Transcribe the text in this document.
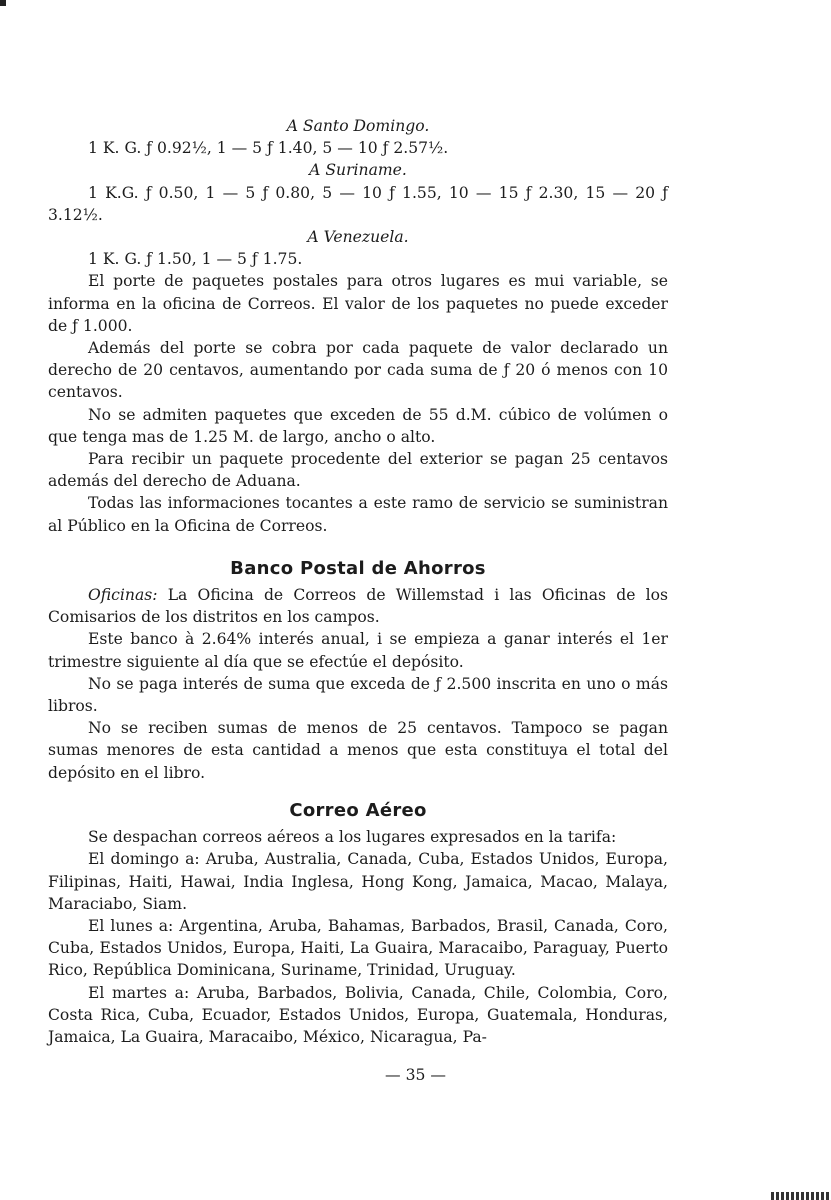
A Santo Domingo.

1 K. G. ƒ 0.92½, 1 — 5 ƒ 1.40, 5 — 10 ƒ 2.57½.

A Suriname.

1 K.G. ƒ 0.50, 1 — 5 ƒ 0.80, 5 — 10 ƒ 1.55, 10 — 15 ƒ 2.30, 15 — 20 ƒ 3.12½.

A Venezuela.

1 K. G. ƒ 1.50, 1 — 5 ƒ 1.75.

El porte de paquetes postales para otros lugares es mui variable, se informa en la oficina de Correos. El valor de los paquetes no puede exceder de ƒ 1.000.

Además del porte se cobra por cada paquete de valor declarado un derecho de 20 centavos, aumentando por cada suma de ƒ 20 ó menos con 10 centavos.

No se admiten paquetes que exceden de 55 d.M. cúbico de volúmen o que tenga mas de 1.25 M. de largo, ancho o alto.

Para recibir un paquete procedente del exterior se pagan 25 centavos además del derecho de Aduana.

Todas las informaciones tocantes a este ramo de servicio se suministran al Público en la Oficina de Correos.

Banco Postal de Ahorros

Oficinas: La Oficina de Correos de Willemstad i las Oficinas de los Comisarios de los distritos en los campos.

Este banco à 2.64% interés anual, i se empieza a ganar interés el 1er trimestre siguiente al día que se efectúe el depósito.

No se paga interés de suma que exceda de ƒ 2.500 inscrita en uno o más libros.

No se reciben sumas de menos de 25 centavos. Tampoco se pagan sumas menores de esta cantidad a menos que esta constituya el total del depósito en el libro.

Correo Aéreo

Se despachan correos aéreos a los lugares expresados en la tarifa:

El domingo a: Aruba, Australia, Canada, Cuba, Estados Unidos, Europa, Filipinas, Haiti, Hawai, India Inglesa, Hong Kong, Jamaica, Macao, Malaya, Maraciabo, Siam.

El lunes a: Argentina, Aruba, Bahamas, Barbados, Brasil, Canada, Coro, Cuba, Estados Unidos, Europa, Haiti, La Guaira, Maracaibo, Paraguay, Puerto Rico, República Dominicana, Suriname, Trinidad, Uruguay.

El martes a: Aruba, Barbados, Bolivia, Canada, Chile, Colombia, Coro, Costa Rica, Cuba, Ecuador, Estados Unidos, Europa, Guatemala, Honduras, Jamaica, La Guaira, Maracaibo, México, Nicaragua, Pa-

— 35 —
